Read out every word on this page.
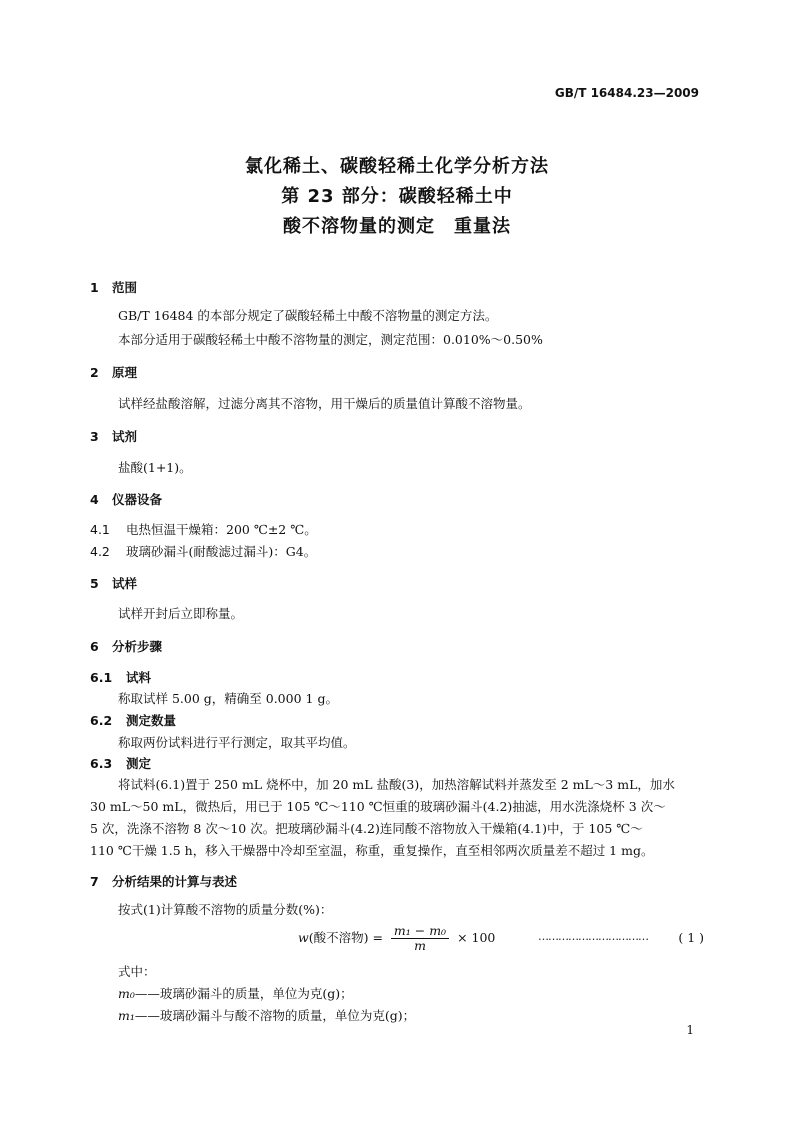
GB/T 16484.23—2009
氯化稀土、碳酸轻稀土化学分析方法
第 23 部分：碳酸轻稀土中
酸不溶物量的测定　重量法
1 范围
GB/T 16484 的本部分规定了碳酸轻稀土中酸不溶物量的测定方法。
本部分适用于碳酸轻稀土中酸不溶物量的测定，测定范围：0.010%～0.50%
2 原理
试样经盐酸溶解，过滤分离其不溶物，用干燥后的质量值计算酸不溶物量。
3 试剂
盐酸(1+1)。
4 仪器设备
4.1 电热恒温干燥箱：200 ℃±2 ℃。
4.2 玻璃砂漏斗(耐酸滤过漏斗)：G4。
5 试样
试样开封后立即称量。
6 分析步骤
6.1 试料
称取试样 5.00 g，精确至 0.000 1 g。
6.2 测定数量
称取两份试料进行平行测定，取其平均值。
6.3 测定
将试料(6.1)置于 250 mL 烧杯中，加 20 mL 盐酸(3)，加热溶解试料并蒸发至 2 mL～3 mL，加水
30 mL～50 mL，微热后，用已于 105 ℃～110 ℃恒重的玻璃砂漏斗(4.2)抽滤，用水洗涤烧杯 3 次～
5 次，洗涤不溶物 8 次～10 次。把玻璃砂漏斗(4.2)连同酸不溶物放入干燥箱(4.1)中，于 105 ℃～
110 ℃干燥 1.5 h，移入干燥器中冷却至室温，称重，重复操作，直至相邻两次质量差不超过 1 mg。
7 分析结果的计算与表述
按式(1)计算酸不溶物的质量分数(%)：
w(酸不溶物) = $\frac{\text{m₁ − m₀}}{m} \times 100$	…………………………… ( 1 )
式中：
m₀——玻璃砂漏斗的质量，单位为克(g)；
m₁——玻璃砂漏斗与酸不溶物的质量，单位为克(g)；
1
